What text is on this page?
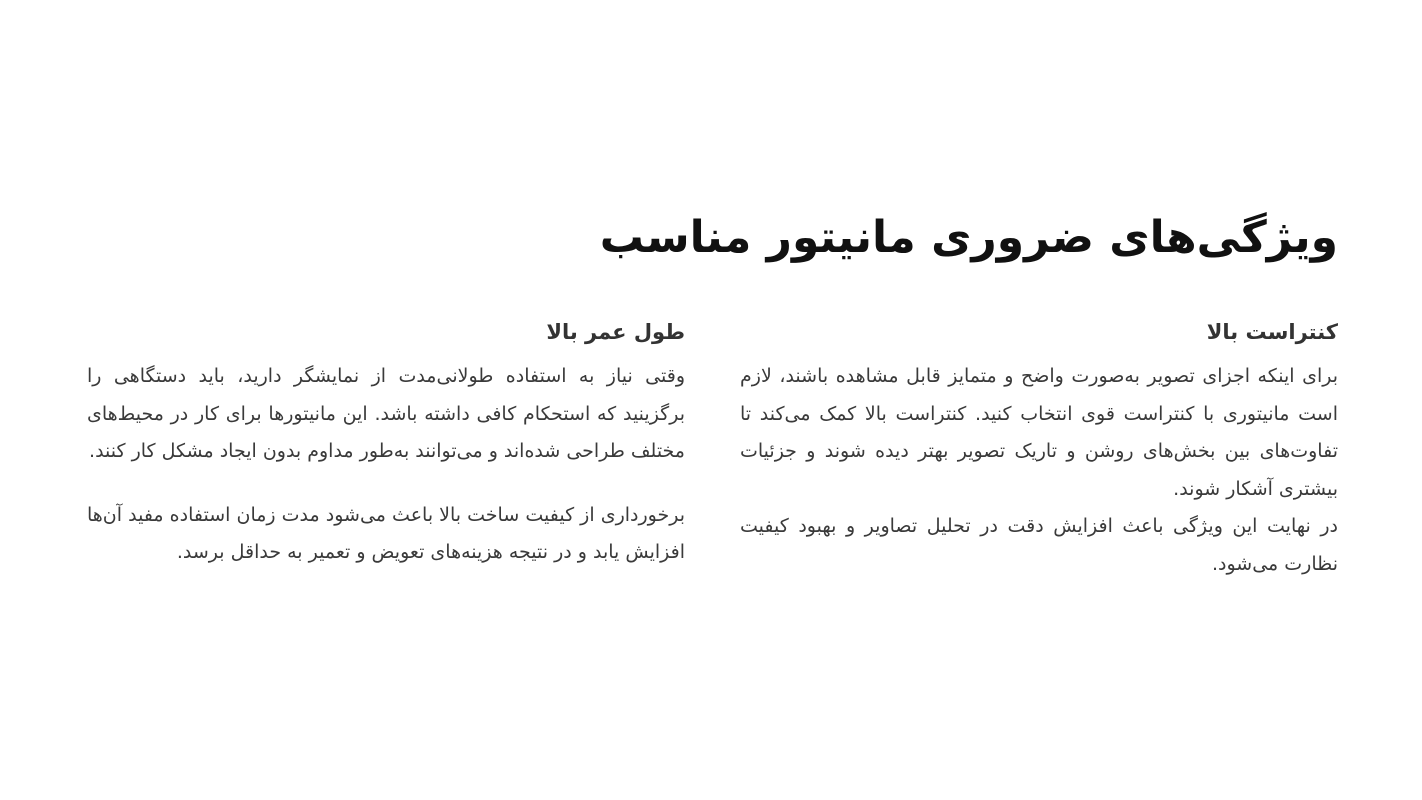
ویژگی‌های ضروری مانیتور مناسب
کنتراست بالا

برای اینکه اجزای تصویر به‌صورت واضح و متمایز قابل مشاهده باشند، لازم است مانیتوری با کنتراست قوی انتخاب کنید. کنتراست بالا کمک می‌کند تا تفاوت‌های بین بخش‌های روشن و تاریک تصویر بهتر دیده شوند و جزئیات بیشتری آشکار شوند.

در نهایت این ویژگی باعث افزایش دقت در تحلیل تصاویر و بهبود کیفیت نظارت می‌شود.

طول عمر بالا

وقتی نیاز به استفاده طولانی‌مدت از نمایشگر دارید، باید دستگاهی را برگزینید که استحکام کافی داشته باشد. این مانیتورها برای کار در محیط‌های مختلف طراحی شده‌اند و می‌توانند به‌طور مداوم بدون ایجاد مشکل کار کنند.

برخورداری از کیفیت ساخت بالا باعث می‌شود مدت زمان استفاده مفید آن‌ها افزایش یابد و در نتیجه هزینه‌های تعویض و تعمیر به حداقل برسد.
